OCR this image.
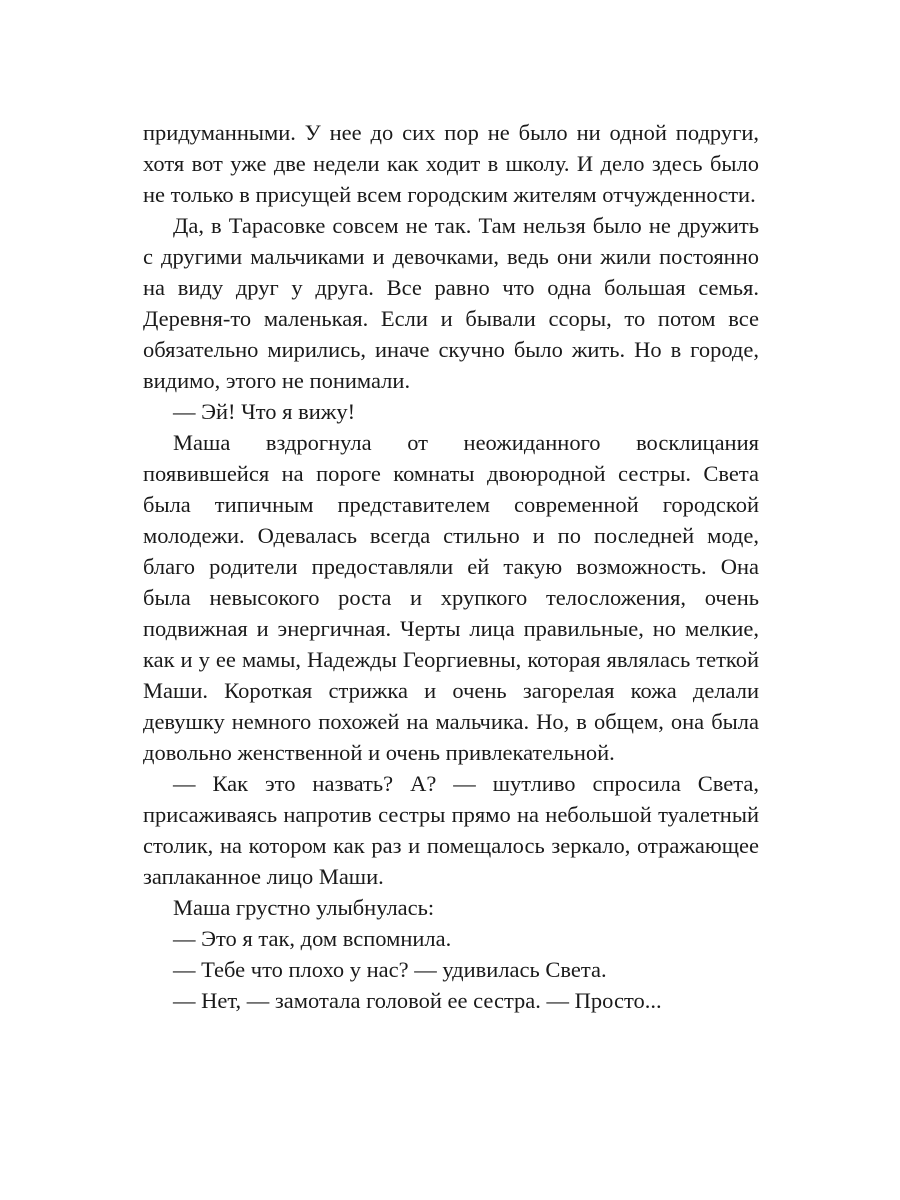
придуманными. У нее до сих пор не было ни одной подруги, хотя вот уже две недели как ходит в школу. И дело здесь было не только в присущей всем городским жителям отчужденности.

Да, в Тарасовке совсем не так. Там нельзя было не дружить с другими мальчиками и девочками, ведь они жили постоянно на виду друг у друга. Все равно что одна большая семья. Деревня-то маленькая. Если и бывали ссоры, то потом все обязательно мирились, иначе скучно было жить. Но в городе, видимо, этого не понимали.

— Эй! Что я вижу!

Маша вздрогнула от неожиданного восклицания появившейся на пороге комнаты двоюродной сестры. Света была типичным представителем современной городской молодежи. Одевалась всегда стильно и по последней моде, благо родители предоставляли ей такую возможность. Она была невысокого роста и хрупкого телосложения, очень подвижная и энергичная. Черты лица правильные, но мелкие, как и у ее мамы, Надежды Георгиевны, которая являлась теткой Маши. Короткая стрижка и очень загорелая кожа делали девушку немного похожей на мальчика. Но, в общем, она была довольно женственной и очень привлекательной.

— Как это назвать? А? — шутливо спросила Света, присаживаясь напротив сестры прямо на небольшой туалетный столик, на котором как раз и помещалось зеркало, отражающее заплаканное лицо Маши.

Маша грустно улыбнулась:

— Это я так, дом вспомнила.

— Тебе что плохо у нас? — удивилась Света.

— Нет, — замотала головой ее сестра. — Просто...
